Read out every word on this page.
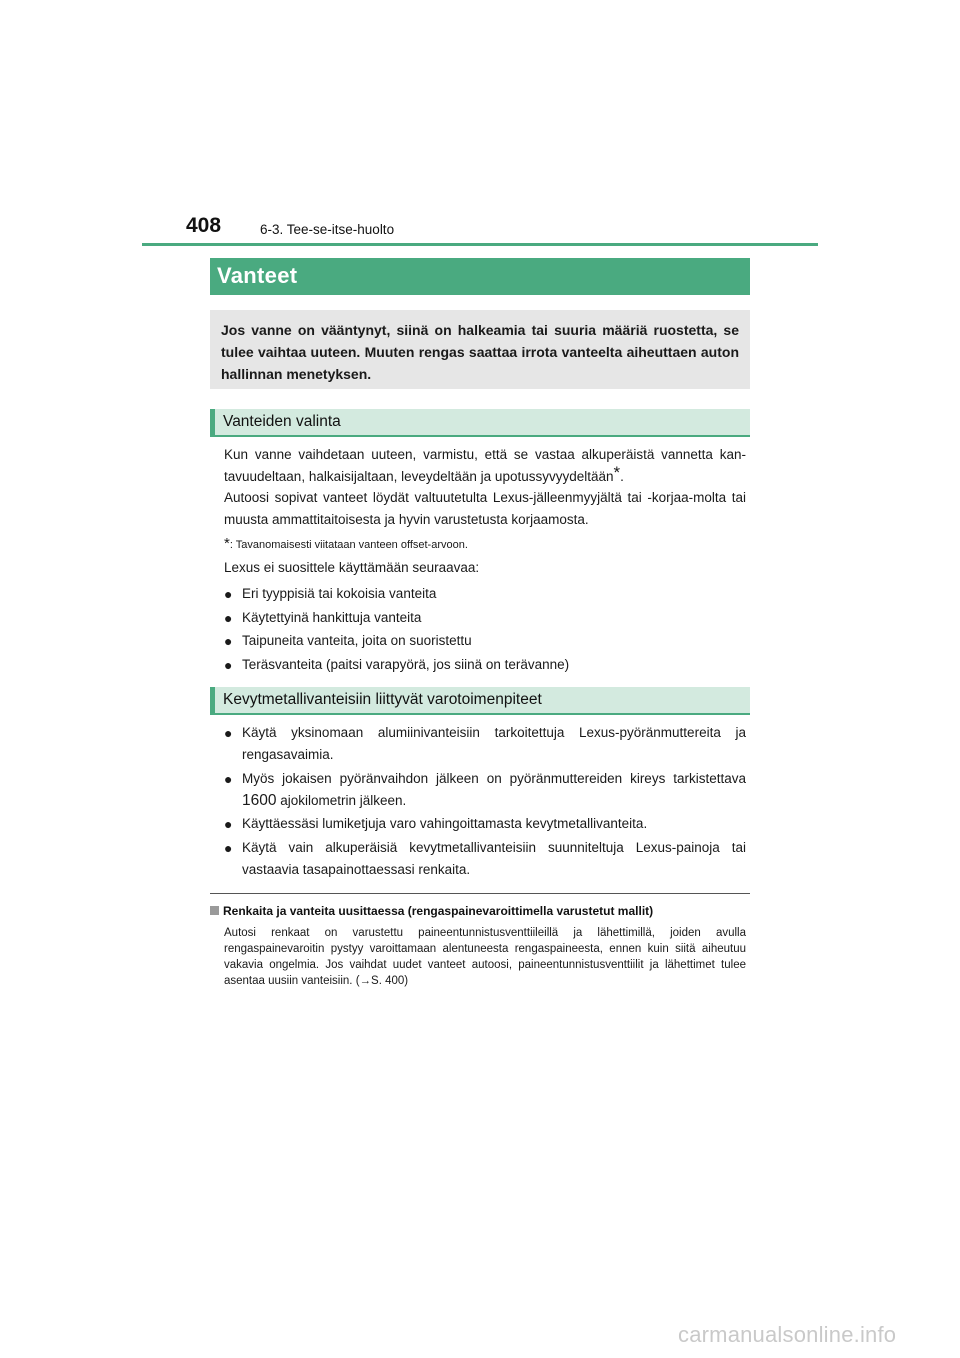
408	6-3. Tee-se-itse-huolto
Vanteet

Jos vanne on vääntynyt, siinä on halkeamia tai suuria määriä ruostetta, se tulee vaihtaa uuteen. Muuten rengas saattaa irrota vanteelta aiheuttaen auton hallinnan menetyksen.

Vanteiden valinta

Kun vanne vaihdetaan uuteen, varmistu, että se vastaa alkuperäistä vannetta kan-tavuudeltaan, halkaisijaltaan, leveydeltään ja upotussyvyydeltään*.

Autoosi sopivat vanteet löydät valtuutetulta Lexus-jälleenmyyjältä tai -korjaa-molta tai muusta ammattitaitoisesta ja hyvin varustetusta korjaamosta.

*: Tavanomaisesti viitataan vanteen offset-arvoon.
Lexus ei suosittele käyttämään seuraavaa:
● Eri tyyppisiä tai kokoisia vanteita
● Käytettyinä hankittuja vanteita
● Taipuneita vanteita, joita on suoristettu
● Teräsvanteita (paitsi varapyörä, jos siinä on terävanne)
Kevytmetallivanteisiin liittyvät varotoimenpiteet
● Käytä yksinomaan alumiinivanteisiin tarkoitettuja Lexus-pyöränmuttereita ja rengasavaimia.
● Myös jokaisen pyöränvaihdon jälkeen on pyöränmuttereiden kireys tarkistettava 1600 ajokilometrin jälkeen.
● Käyttäessäsi lumiketjuja varo vahingoittamasta kevytmetallivanteita.
● Käytä vain alkuperäisiä kevytmetallivanteisiin suunniteltuja Lexus-painoja tai vastaavia tasapainottaessasi renkaita.
Renkaita ja vanteita uusittaessa (rengaspainevaroittimella varustetut mallit)

Autosi renkaat on varustettu paineentunnistusventtiileillä ja lähettimillä, joiden avulla rengaspainevaroitin pystyy varoittamaan alentuneesta rengaspaineesta, ennen kuin siitä aiheutuu vakavia ongelmia. Jos vaihdat uudet vanteet autoosi, paineentunnistusventtiilit ja lähettimet tulee asentaa uusiin vanteisiin. (→S. 400)

carmanualsonline.info
